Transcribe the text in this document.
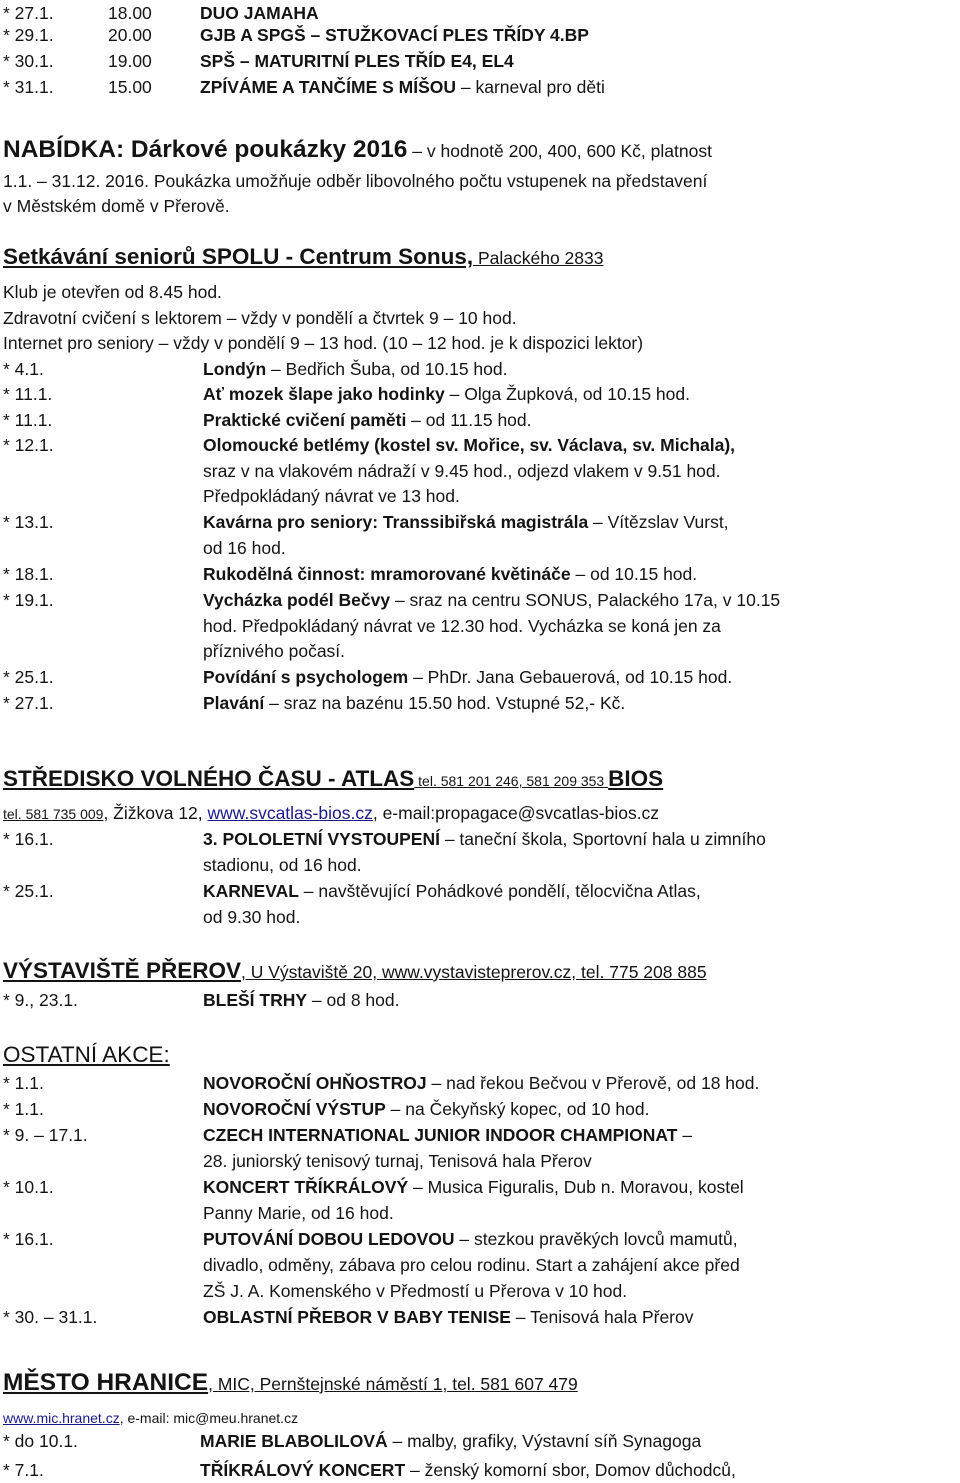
* 27.1.	18.00	DUO JAMAHA
* 29.1.	20.00	GJB A SPGŠ – STUŽKOVACÍ PLES TŘÍDY 4.BP
* 30.1.	19.00	SPŠ – MATURITNÍ PLES TŘÍD E4, EL4
* 31.1.	15.00	ZPÍVÁME A TANČÍME S MÍŠOU – karneval pro děti
NABÍDKA: Dárkové poukázky 2016 – v hodnotě 200, 400, 600 Kč, platnost
1.1. – 31.12. 2016. Poukázka umožňuje odběr libovolného počtu vstupenek na představení
v Městském domě v Přerově.
Setkávání seniorů SPOLU - Centrum Sonus, Palackého 2833
Klub je otevřen od 8.45 hod.
Zdravotní cvičení s lektorem – vždy v pondělí a čtvrtek 9 – 10 hod.
Internet pro seniory – vždy v pondělí 9 – 13 hod. (10 – 12 hod. je k dispozici lektor)
* 4.1.	Londýn – Bedřich Šuba, od 10.15 hod.
* 11.1.	Ať mozek šlape jako hodinky – Olga Župková, od 10.15 hod.
* 11.1.	Praktické cvičení paměti – od 11.15 hod.
* 12.1.	Olomoucké betlémy (kostel sv. Mořice, sv. Václava, sv. Michala),
sraz v na vlakovém nádraží v 9.45 hod., odjezd vlakem v 9.51 hod.
Předpokládaný návrat ve 13 hod.
* 13.1.	Kavárna pro seniory: Transsibiřská magistrála – Vítězslav Vurst,
od 16 hod.
* 18.1.	Rukodělná činnost: mramorované květináče – od 10.15 hod.
* 19.1.	Vycházka podél Bečvy – sraz na centru SONUS, Palackého 17a, v 10.15
hod. Předpokládaný návrat ve 12.30 hod. Vycházka se koná jen za
příznivého počasí.
* 25.1.	Povídání s psychologem – PhDr. Jana Gebauerová, od 10.15 hod.
* 27.1.	Plavání – sraz na bazénu 15.50 hod. Vstupné 52,- Kč.
STŘEDISKO VOLNÉHO ČASU - ATLAS tel. 581 201 246, 581 209 353 BIOS
tel. 581 735 009, Žižkova 12, www.svcatlas-bios.cz, e-mail:propagace@svcatlas-bios.cz
* 16.1.	3. POLOLETNÍ VYSTOUPENÍ – taneční škola, Sportovní hala u zimního
stadionu, od 16 hod.
* 25.1.	KARNEVAL – navštěvující Pohádkové pondělí, tělocvična Atlas,
od 9.30 hod.
VÝSTAVIŠTĚ PŘEROV, U Výstaviště 20, www.vystavisteprerov.cz, tel. 775 208 885
* 9., 23.1.	BLEŠÍ TRHY – od 8 hod.
OSTATNÍ AKCE:
* 1.1.	NOVOROČNÍ OHŇOSTROJ – nad řekou Bečvou v Přerově, od 18 hod.
* 1.1.	NOVOROČNÍ VÝSTUP – na Čekyňský kopec, od 10 hod.
* 9. – 17.1.	CZECH INTERNATIONAL JUNIOR INDOOR CHAMPIONAT –
28. juniorský tenisový turnaj, Tenisová hala Přerov
* 10.1.	KONCERT TŘÍKRÁLOVÝ – Musica Figuralis, Dub n. Moravou, kostel
Panny Marie, od 16 hod.
* 16.1.	PUTOVÁNÍ DOBOU LEDOVOU – stezkou pravěkých lovců mamutů,
divadlo, odměny, zábava pro celou rodinu. Start a zahájení akce před
ZŠ J. A. Komenského v Předmostí u Přerova v 10 hod.
* 30. – 31.1.	OBLASTNÍ PŘEBOR V BABY TENISE – Tenisová hala Přerov
MĚSTO HRANICE, MIC, Pernštejnské náměstí 1, tel. 581 607 479
www.mic.hranet.cz, e-mail: mic@meu.hranet.cz
* do 10.1.	MARIE BLABOLILOVÁ – malby, grafiky, Výstavní síň Synagoga
* 7.1.	TŘÍKRÁLOVÝ KONCERT – ženský komorní sbor, Domov důchodců,
